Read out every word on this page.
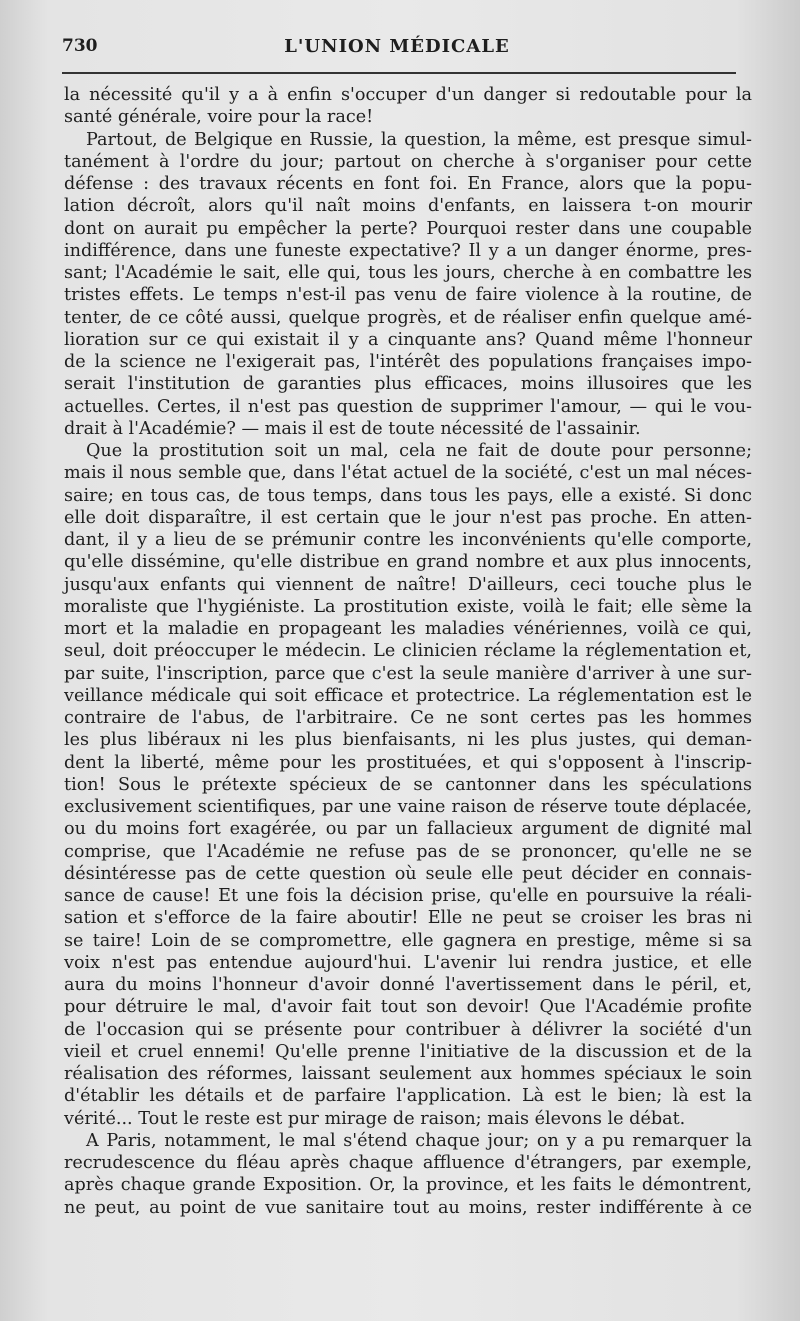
730	L'UNION MÉDICALE
la nécessité qu'il y a à enfin s'occuper d'un danger si redoutable pour la
santé générale, voire pour la race!
Partout, de Belgique en Russie, la question, la même, est presque simul-
tanément à l'ordre du jour; partout on cherche à s'organiser pour cette
défense : des travaux récents en font foi. En France, alors que la popu-
lation décroît, alors qu'il naît moins d'enfants, en laissera t-on mourir
dont on aurait pu empêcher la perte? Pourquoi rester dans une coupable
indifférence, dans une funeste expectative? Il y a un danger énorme, pres-
sant; l'Académie le sait, elle qui, tous les jours, cherche à en combattre les
tristes effets. Le temps n'est-il pas venu de faire violence à la routine, de
tenter, de ce côté aussi, quelque progrès, et de réaliser enfin quelque amé-
lioration sur ce qui existait il y a cinquante ans? Quand même l'honneur
de la science ne l'exigerait pas, l'intérêt des populations françaises impo-
serait l'institution de garanties plus efficaces, moins illusoires que les
actuelles. Certes, il n'est pas question de supprimer l'amour, — qui le vou-
drait à l'Académie? — mais il est de toute nécessité de l'assainir.
Que la prostitution soit un mal, cela ne fait de doute pour personne;
mais il nous semble que, dans l'état actuel de la société, c'est un mal néces-
saire; en tous cas, de tous temps, dans tous les pays, elle a existé. Si donc
elle doit disparaître, il est certain que le jour n'est pas proche. En atten-
dant, il y a lieu de se prémunir contre les inconvénients qu'elle comporte,
qu'elle dissémine, qu'elle distribue en grand nombre et aux plus innocents,
jusqu'aux enfants qui viennent de naître! D'ailleurs, ceci touche plus le
moraliste que l'hygiéniste. La prostitution existe, voilà le fait; elle sème la
mort et la maladie en propageant les maladies vénériennes, voilà ce qui,
seul, doit préoccuper le médecin. Le clinicien réclame la réglementation et,
par suite, l'inscription, parce que c'est la seule manière d'arriver à une sur-
veillance médicale qui soit efficace et protectrice. La réglementation est le
contraire de l'abus, de l'arbitraire. Ce ne sont certes pas les hommes
les plus libéraux ni les plus bienfaisants, ni les plus justes, qui deman-
dent la liberté, même pour les prostituées, et qui s'opposent à l'inscrip-
tion! Sous le prétexte spécieux de se cantonner dans les spéculations
exclusivement scientifiques, par une vaine raison de réserve toute déplacée,
ou du moins fort exagérée, ou par un fallacieux argument de dignité mal
comprise, que l'Académie ne refuse pas de se prononcer, qu'elle ne se
désintéresse pas de cette question où seule elle peut décider en connais-
sance de cause! Et une fois la décision prise, qu'elle en poursuive la réali-
sation et s'efforce de la faire aboutir! Elle ne peut se croiser les bras ni
se taire! Loin de se compromettre, elle gagnera en prestige, même si sa
voix n'est pas entendue aujourd'hui. L'avenir lui rendra justice, et elle
aura du moins l'honneur d'avoir donné l'avertissement dans le péril, et,
pour détruire le mal, d'avoir fait tout son devoir! Que l'Académie profite
de l'occasion qui se présente pour contribuer à délivrer la société d'un
vieil et cruel ennemi! Qu'elle prenne l'initiative de la discussion et de la
réalisation des réformes, laissant seulement aux hommes spéciaux le soin
d'établir les détails et de parfaire l'application. Là est le bien; là est la
vérité... Tout le reste est pur mirage de raison; mais élevons le débat.
A Paris, notamment, le mal s'étend chaque jour; on y a pu remarquer la
recrudescence du fléau après chaque affluence d'étrangers, par exemple,
après chaque grande Exposition. Or, la province, et les faits le démontrent,
ne peut, au point de vue sanitaire tout au moins, rester indifférente à ce
